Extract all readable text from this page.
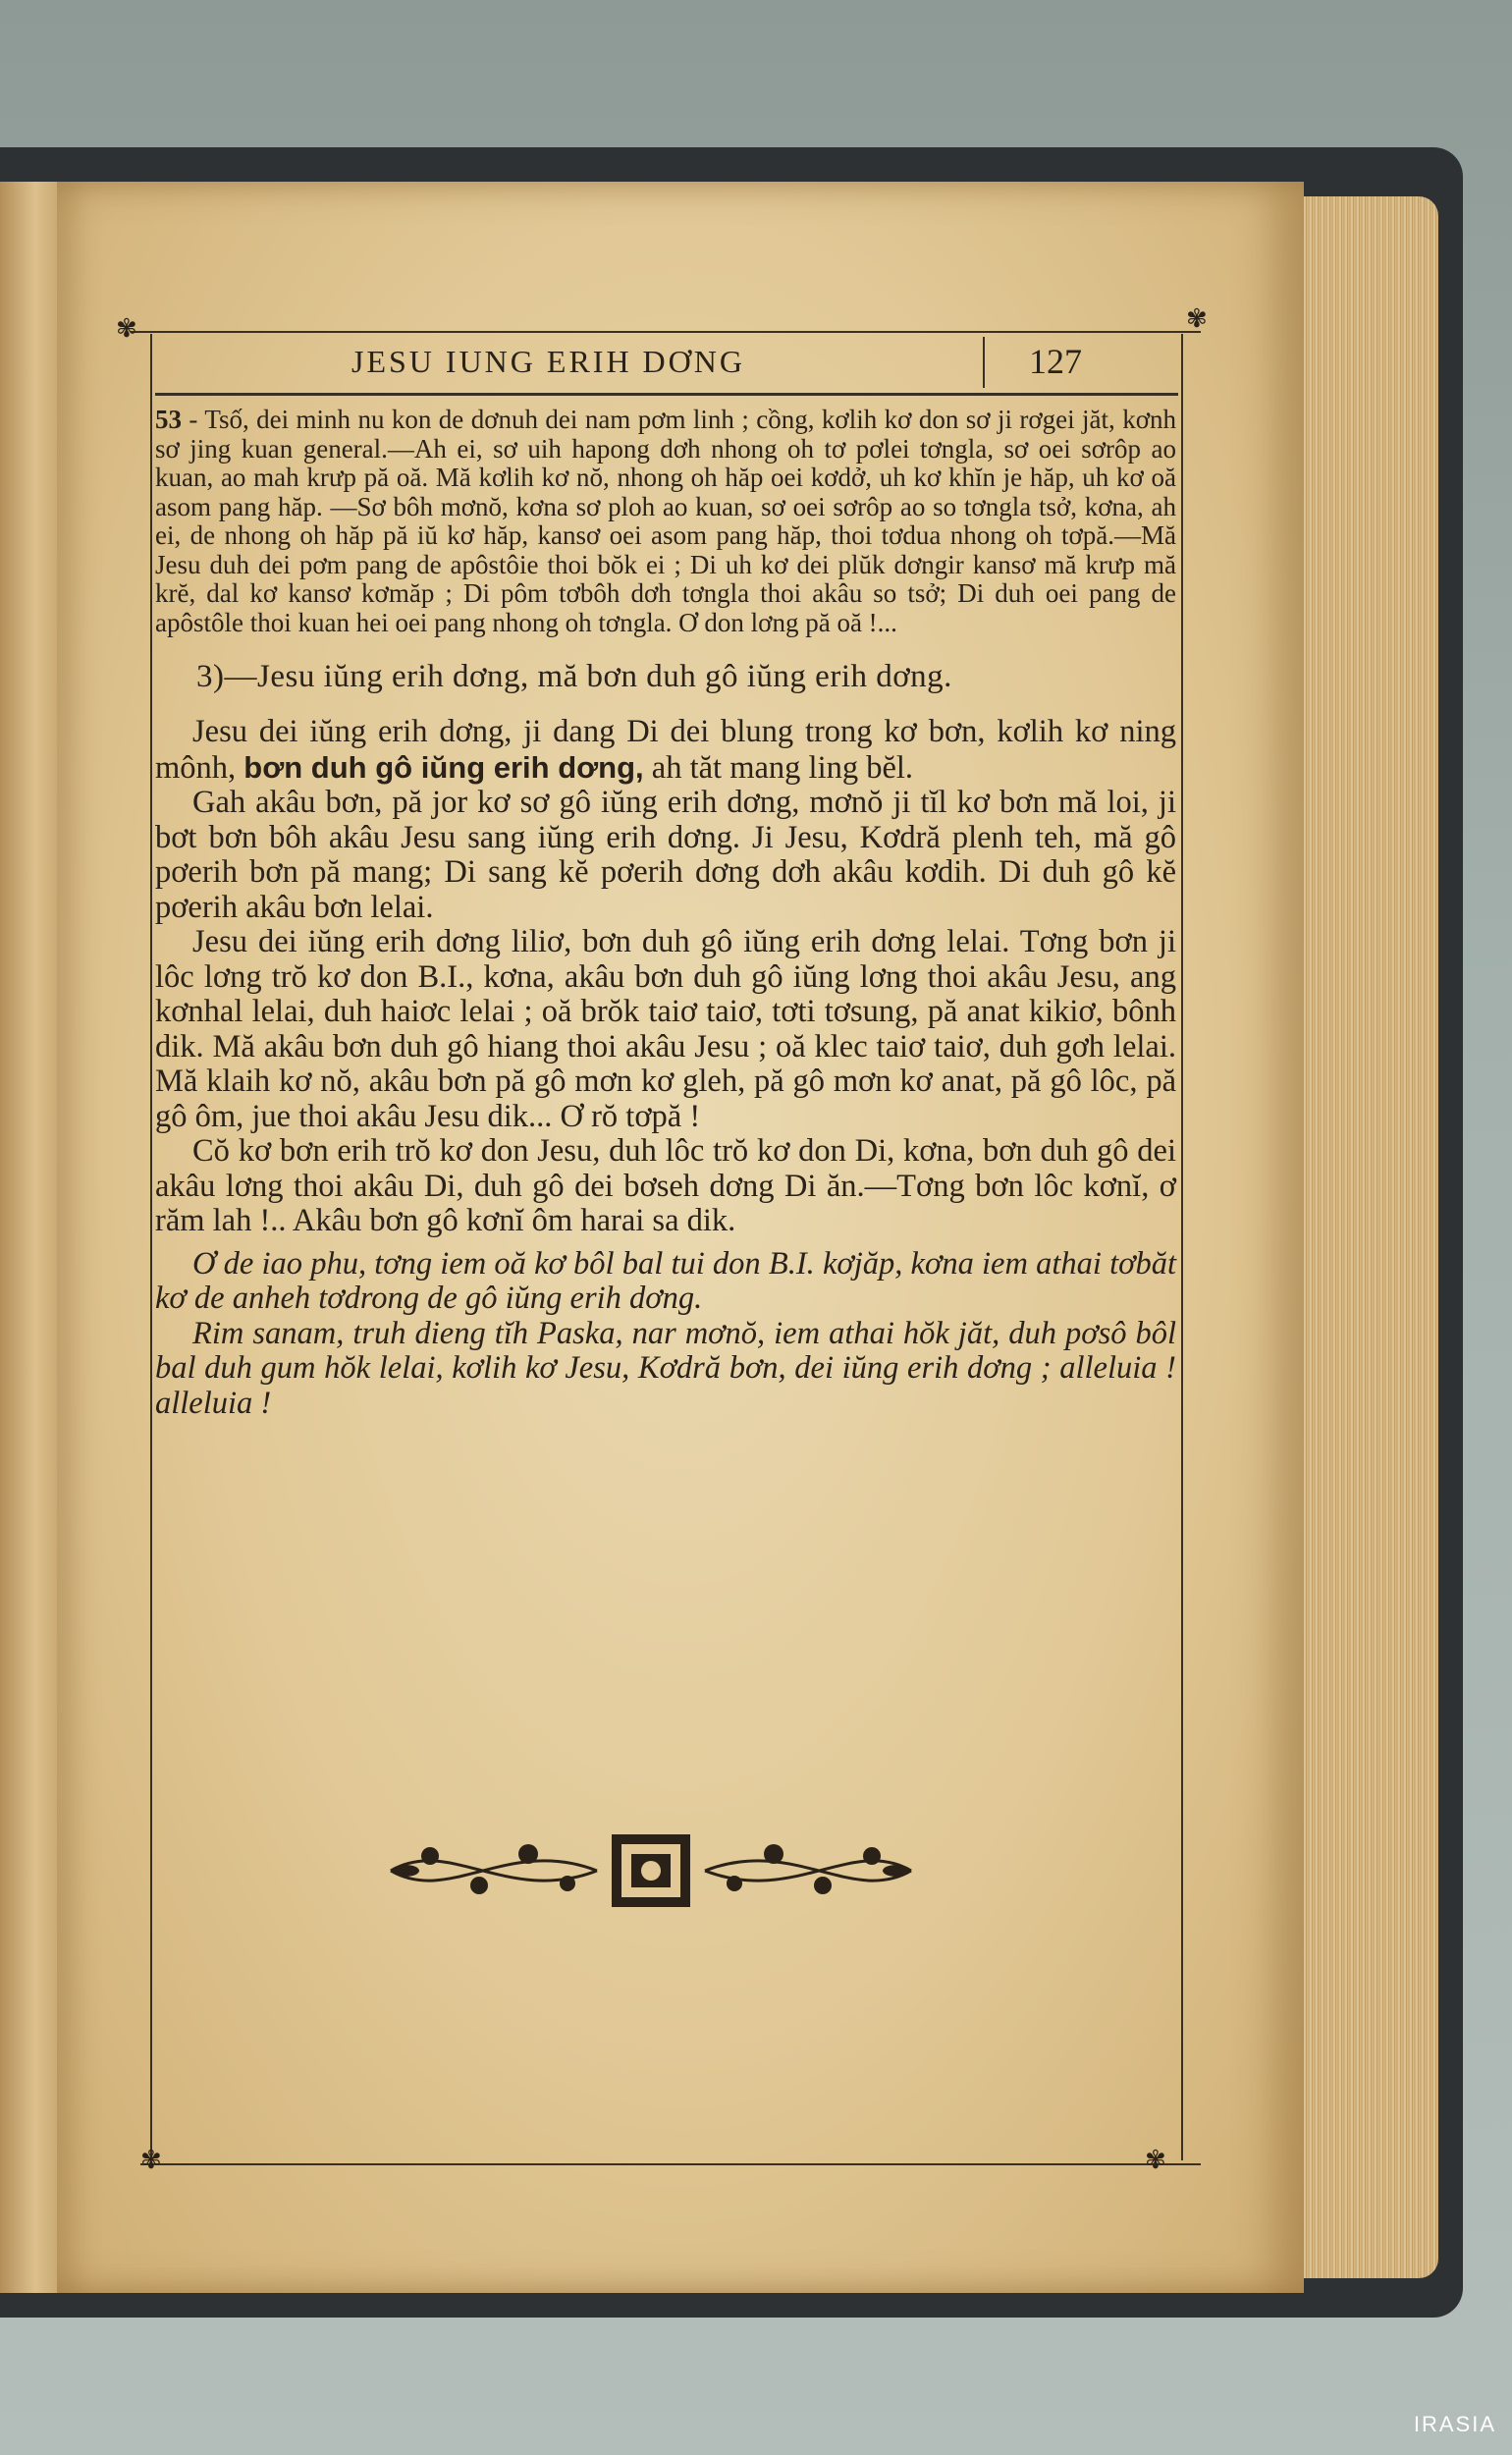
✾	✾
✾	✾
JESU IUNG ERIH DƠNG	127

53 - Tsố, dei minh nu kon de dơnuh dei nam pơm linh ; cồng, kơlih kơ don sơ ji rơgei jăt, kơnh sơ jing kuan general.—Ah ei, sơ uih hapong dơh nhong oh tơ pơlei tơngla, sơ oei sơrôp ao kuan, ao mah krưp pă oă. Mă kơlih kơ nŏ, nhong oh hăp oei kơdở, uh kơ khĭn je hăp, uh kơ oă asom pang hăp. —Sơ bôh mơnŏ, kơna sơ ploh ao kuan, sơ oei sơrôp ao so tơngla tsở, kơna, ah ei, de nhong oh hăp pă iŭ kơ hăp, kansơ oei asom pang hăp, thoi tơdua nhong oh tơpă.—Mă Jesu duh dei pơm pang de apôstôie thoi bŏk ei ; Di uh kơ dei plŭk dơngir kansơ mă krưp mă krĕ, dal kơ kansơ kơmăp ; Di pôm tơbôh dơh tơngla thoi akâu so tsở; Di duh oei pang de apôstôle thoi kuan hei oei pang nhong oh tơngla. Ơ don lơng pă oă !...

3)—Jesu iŭng erih dơng, mă bơn duh gô iŭng erih dơng.

Jesu dei iŭng erih dơng, ji dang Di dei blung trong kơ bơn, kơlih kơ ning mônh, bơn duh gô iŭng erih dơng, ah tăt mang ling bĕl.

Gah akâu bơn, pă jor kơ sơ gô iŭng erih dơng, mơnŏ ji tĭl kơ bơn mă loi, ji bơt bơn bôh akâu Jesu sang iŭng erih dơng. Ji Jesu, Kơdră plenh teh, mă gô pơerih bơn pă mang; Di sang kĕ pơerih dơng dơh akâu kơdih. Di duh gô kĕ pơerih akâu bơn lelai.

Jesu dei iŭng erih dơng liliơ, bơn duh gô iŭng erih dơng lelai. Tơng bơn ji lôc lơng trŏ kơ don B.I., kơna, akâu bơn duh gô iŭng lơng thoi akâu Jesu, ang kơnhal lelai, duh haiơc lelai ; oă brŏk taiơ taiơ, tơti tơsung, pă anat kikiơ, bônh dik. Mă akâu bơn duh gô hiang thoi akâu Jesu ; oă klec taiơ taiơ, duh gơh lelai. Mă klaih kơ nŏ, akâu bơn pă gô mơn kơ gleh, pă gô mơn kơ anat, pă gô lôc, pă gô ôm, jue thoi akâu Jesu dik... Ơ rŏ tơpă !

Cŏ kơ bơn erih trŏ kơ don Jesu, duh lôc trŏ kơ don Di, kơna, bơn duh gô dei akâu lơng thoi akâu Di, duh gô dei bơseh dơng Di ăn.—Tơng bơn lôc kơnĭ, ơ răm lah !.. Akâu bơn gô kơnĭ ôm harai sa dik.

Ơ de iao phu, tơng iem oă kơ bôl bal tui don B.I. kơjăp, kơna iem athai tơbăt kơ de anheh tơdrong de gô iŭng erih dơng.

Rim sanam, truh dieng tĭh Paska, nar mơnŏ, iem athai hŏk jăt, duh pơsô bôl bal duh gum hŏk lelai, kơlih kơ Jesu, Kơdră bơn, dei iŭng erih dơng ; alleluia ! alleluia !

IRASIA
